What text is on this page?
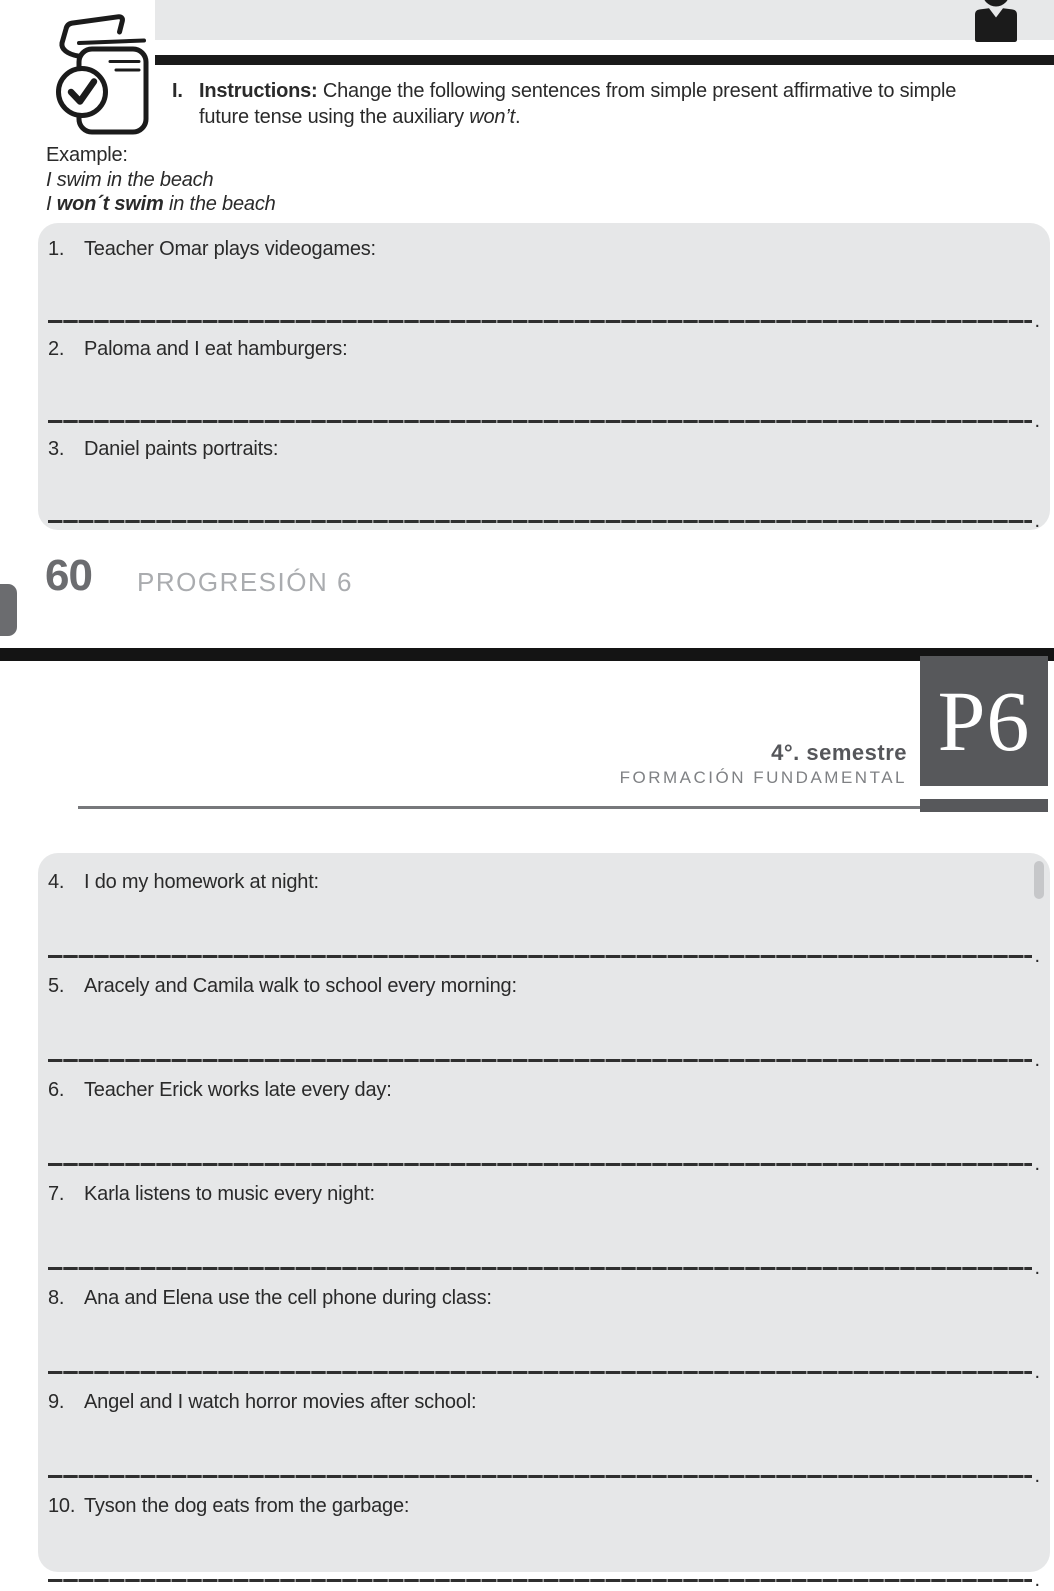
I. Instructions: Change the following sentences from simple present affirmative to simple future tense using the auxiliary won’t.
Example:
I swim in the beach
I won´t swim in the beach
1. Teacher Omar plays videogames:
.
2. Paloma and I eat hamburgers:
.
3. Daniel paints portraits:
.
60 PROGRESIÓN 6
P6
4°. semestre
FORMACIÓN FUNDAMENTAL
4. I do my homework at night:
.
5. Aracely and Camila walk to school every morning:
.
6. Teacher Erick works late every day:
.
7. Karla listens to music every night:
.
8. Ana and Elena use the cell phone during class:
.
9. Angel and I watch horror movies after school:
.
10. Tyson the dog eats from the garbage:
.
